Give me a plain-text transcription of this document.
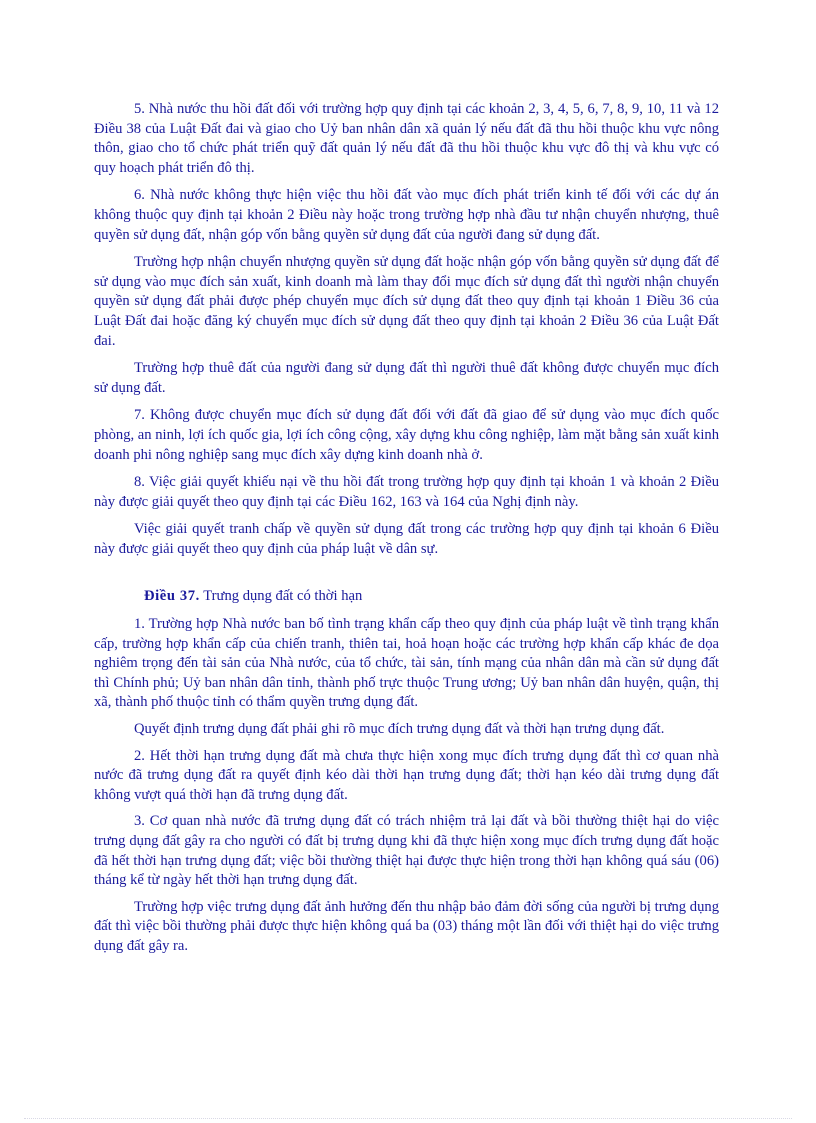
5. Nhà nước thu hồi đất đối với trường hợp quy định tại các khoản 2, 3, 4, 5, 6, 7, 8, 9, 10, 11 và 12 Điều 38 của Luật Đất đai và giao cho Uỷ ban nhân dân xã quản lý nếu đất đã thu hồi thuộc khu vực nông thôn, giao cho tổ chức phát triển quỹ đất quản lý nếu đất đã thu hồi thuộc khu vực đô thị và khu vực có quy hoạch phát triển đô thị.

6. Nhà nước không thực hiện việc thu hồi đất vào mục đích phát triển kinh tế đối với các dự án không thuộc quy định tại khoản 2 Điều này hoặc trong trường hợp nhà đầu tư nhận chuyển nhượng, thuê quyền sử dụng đất, nhận góp vốn bằng quyền sử dụng đất của người đang sử dụng đất.

Trường hợp nhận chuyển nhượng quyền sử dụng đất hoặc nhận góp vốn bằng quyền sử dụng đất để sử dụng vào mục đích sản xuất, kinh doanh mà làm thay đổi mục đích sử dụng đất thì người nhận chuyển quyền sử dụng đất phải được phép chuyển mục đích sử dụng đất theo quy định tại khoản 1 Điều 36 của Luật Đất đai hoặc đăng ký chuyển mục đích sử dụng đất theo quy định tại khoản 2 Điều 36 của Luật Đất đai.

Trường hợp thuê đất của người đang sử dụng đất thì người thuê đất không được chuyển mục đích sử dụng đất.

7. Không được chuyển mục đích sử dụng đất đối với đất đã giao để sử dụng vào mục đích quốc phòng, an ninh, lợi ích quốc gia, lợi ích công cộng, xây dựng khu công nghiệp, làm mặt bằng sản xuất kinh doanh phi nông nghiệp sang mục đích xây dựng kinh doanh nhà ở.

8. Việc giải quyết khiếu nại về thu hồi đất trong trường hợp quy định tại khoản 1 và khoản 2 Điều này được giải quyết theo quy định tại các Điều 162, 163 và 164 của Nghị định này.

Việc giải quyết tranh chấp về quyền sử dụng đất trong các trường hợp quy định tại khoản 6 Điều này được giải quyết theo quy định của pháp luật về dân sự.

Điều 37. Trưng dụng đất có thời hạn

1. Trường hợp Nhà nước ban bố tình trạng khẩn cấp theo quy định của pháp luật về tình trạng khẩn cấp, trường hợp khẩn cấp của chiến tranh, thiên tai, hoả hoạn hoặc các trường hợp khẩn cấp khác đe dọa nghiêm trọng đến tài sản của Nhà nước, của tổ chức, tài sản, tính mạng của nhân dân mà cần sử dụng đất thì Chính phủ; Uỷ ban nhân dân tỉnh, thành phố trực thuộc Trung ương; Uỷ ban nhân dân huyện, quận, thị xã, thành phố thuộc tỉnh có thẩm quyền trưng dụng đất.

Quyết định trưng dụng đất phải ghi rõ mục đích trưng dụng đất và thời hạn trưng dụng đất.

2. Hết thời hạn trưng dụng đất mà chưa thực hiện xong mục đích trưng dụng đất thì cơ quan nhà nước đã trưng dụng đất ra quyết định kéo dài thời hạn trưng dụng đất; thời hạn kéo dài trưng dụng đất không vượt quá thời hạn đã trưng dụng đất.

3. Cơ quan nhà nước đã trưng dụng đất có trách nhiệm trả lại đất và bồi thường thiệt hại do việc trưng dụng đất gây ra cho người có đất bị trưng dụng khi đã thực hiện xong mục đích trưng dụng đất hoặc đã hết thời hạn trưng dụng đất; việc bồi thường thiệt hại được thực hiện trong thời hạn không quá sáu (06) tháng kể từ ngày hết thời hạn trưng dụng đất.

Trường hợp việc trưng dụng đất ảnh hưởng đến thu nhập bảo đảm đời sống của người bị trưng dụng đất thì việc bồi thường phải được thực hiện không quá ba (03) tháng một lần đối với thiệt hại do việc trưng dụng đất gây ra.
